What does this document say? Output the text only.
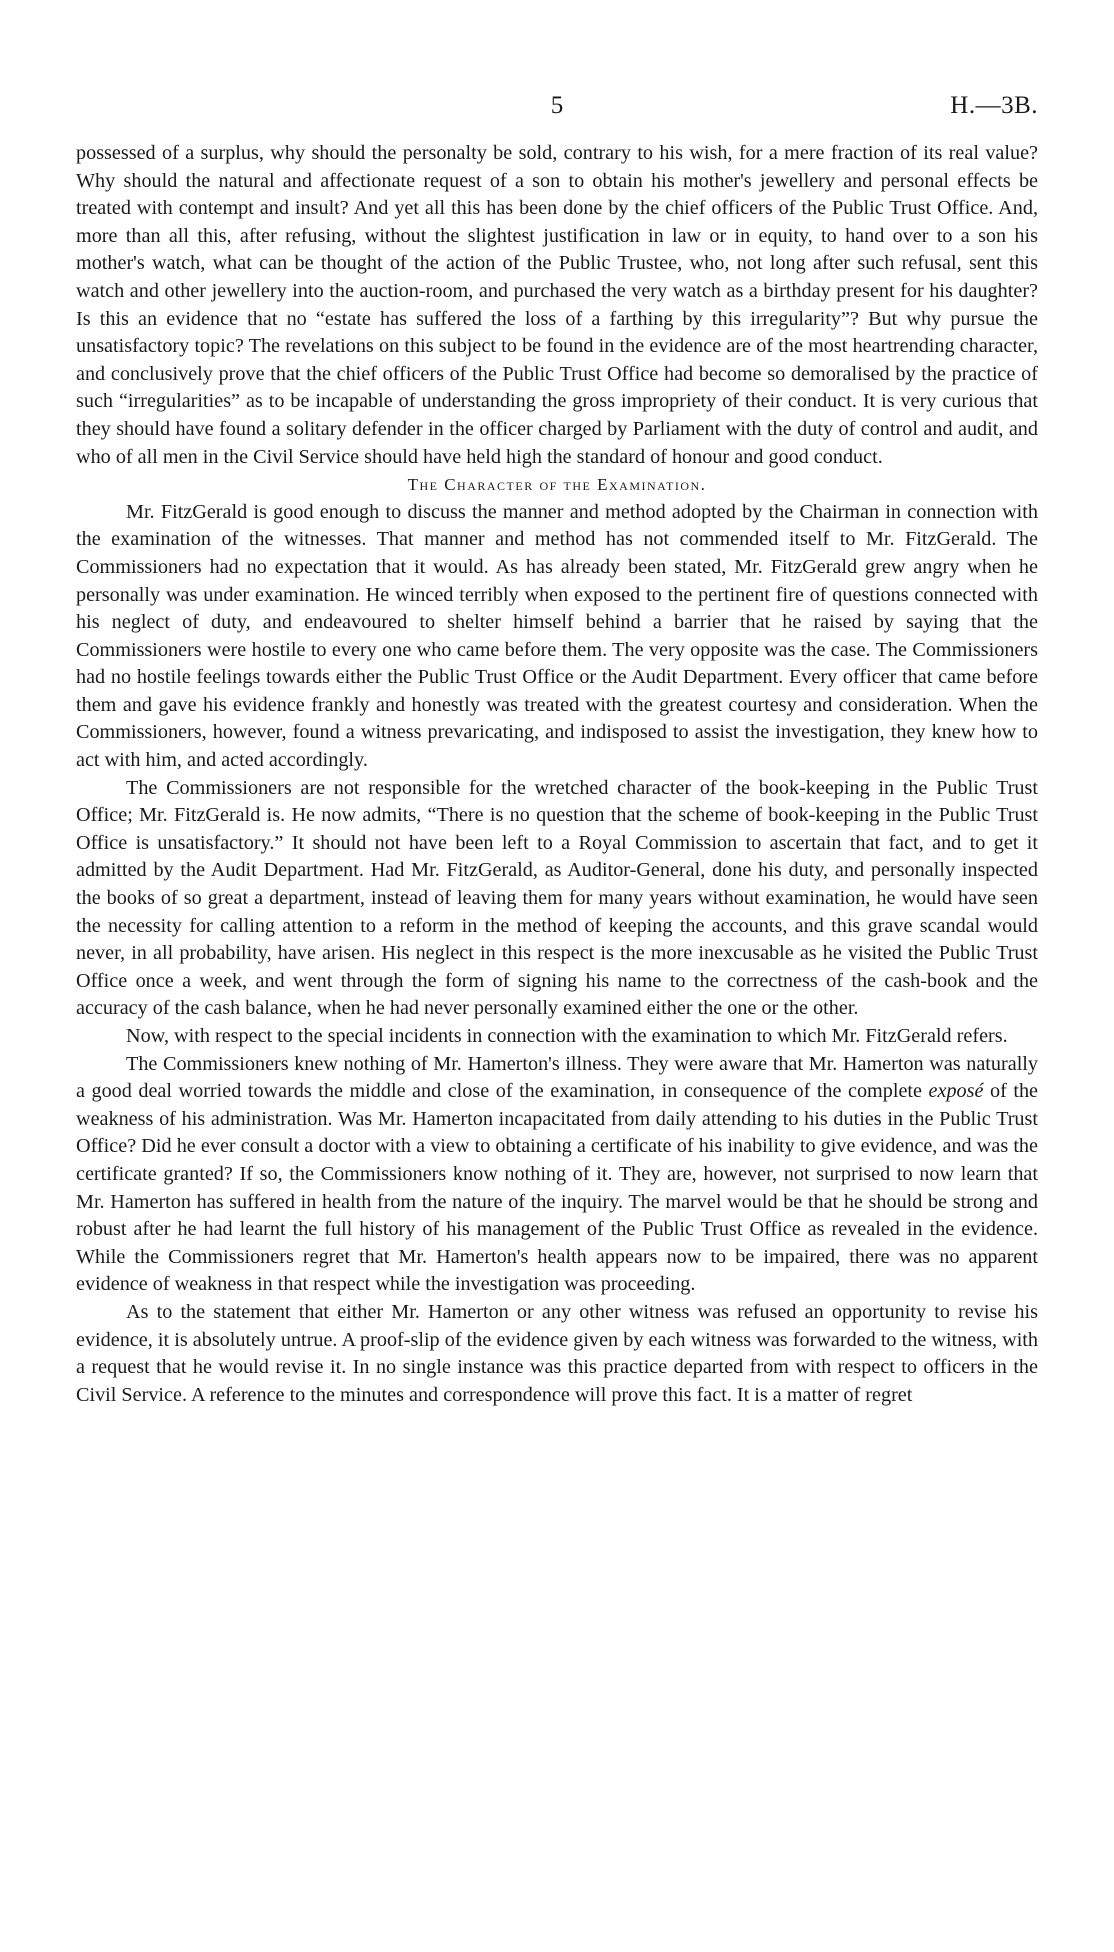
5	H.—3B.

possessed of a surplus, why should the personalty be sold, contrary to his wish, for a mere fraction of its real value? Why should the natural and affectionate request of a son to obtain his mother's jewellery and personal effects be treated with contempt and insult? And yet all this has been done by the chief officers of the Public Trust Office. And, more than all this, after refusing, without the slightest justification in law or in equity, to hand over to a son his mother's watch, what can be thought of the action of the Public Trustee, who, not long after such refusal, sent this watch and other jewellery into the auction-room, and purchased the very watch as a birthday present for his daughter? Is this an evidence that no “estate has suffered the loss of a farthing by this irregularity”? But why pursue the unsatisfactory topic? The revelations on this subject to be found in the evidence are of the most heartrending character, and conclusively prove that the chief officers of the Public Trust Office had become so demoralised by the practice of such “irregularities” as to be incapable of understanding the gross impropriety of their conduct. It is very curious that they should have found a solitary defender in the officer charged by Parliament with the duty of control and audit, and who of all men in the Civil Service should have held high the standard of honour and good conduct.

The Character of the Examination.

Mr. FitzGerald is good enough to discuss the manner and method adopted by the Chairman in connection with the examination of the witnesses. That manner and method has not commended itself to Mr. FitzGerald. The Commissioners had no expectation that it would. As has already been stated, Mr. FitzGerald grew angry when he personally was under examination. He winced terribly when exposed to the pertinent fire of questions connected with his neglect of duty, and endeavoured to shelter himself behind a barrier that he raised by saying that the Commissioners were hostile to every one who came before them. The very opposite was the case. The Commissioners had no hostile feelings towards either the Public Trust Office or the Audit Department. Every officer that came before them and gave his evidence frankly and honestly was treated with the greatest courtesy and consideration. When the Commissioners, however, found a witness prevaricating, and indisposed to assist the investigation, they knew how to act with him, and acted accordingly.

The Commissioners are not responsible for the wretched character of the book-keeping in the Public Trust Office; Mr. FitzGerald is. He now admits, “There is no question that the scheme of book-keeping in the Public Trust Office is unsatisfactory.” It should not have been left to a Royal Commission to ascertain that fact, and to get it admitted by the Audit Department. Had Mr. FitzGerald, as Auditor-General, done his duty, and personally inspected the books of so great a department, instead of leaving them for many years without examination, he would have seen the necessity for calling attention to a reform in the method of keeping the accounts, and this grave scandal would never, in all probability, have arisen. His neglect in this respect is the more inexcusable as he visited the Public Trust Office once a week, and went through the form of signing his name to the correctness of the cash-book and the accuracy of the cash balance, when he had never personally examined either the one or the other.

Now, with respect to the special incidents in connection with the examination to which Mr. FitzGerald refers.

The Commissioners knew nothing of Mr. Hamerton's illness. They were aware that Mr. Hamerton was naturally a good deal worried towards the middle and close of the examination, in consequence of the complete exposé of the weakness of his administration. Was Mr. Hamerton incapacitated from daily attending to his duties in the Public Trust Office? Did he ever consult a doctor with a view to obtaining a certificate of his inability to give evidence, and was the certificate granted? If so, the Commissioners know nothing of it. They are, however, not surprised to now learn that Mr. Hamerton has suffered in health from the nature of the inquiry. The marvel would be that he should be strong and robust after he had learnt the full history of his management of the Public Trust Office as revealed in the evidence. While the Commissioners regret that Mr. Hamerton's health appears now to be impaired, there was no apparent evidence of weakness in that respect while the investigation was proceeding.

As to the statement that either Mr. Hamerton or any other witness was refused an opportunity to revise his evidence, it is absolutely untrue. A proof-slip of the evidence given by each witness was forwarded to the witness, with a request that he would revise it. In no single instance was this practice departed from with respect to officers in the Civil Service. A reference to the minutes and correspondence will prove this fact. It is a matter of regret
